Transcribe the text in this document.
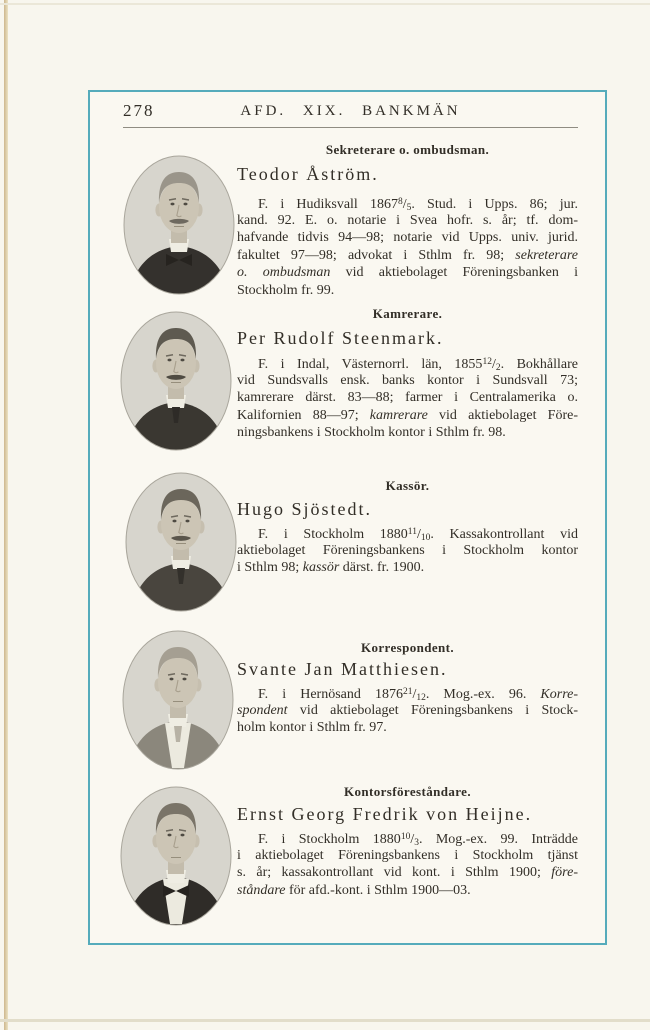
278	AFD. XIX. BANKMÄN
Sekreterare o. ombudsman.
Teodor Åström.
F. i Hudiksvall $1867^8/_5$. Stud. i Upps. 86; jur.
kand. 92. E. o. notarie i Svea hofr. s. år; tf. dom-
hafvande tidvis 94—98; notarie vid Upps. univ. jurid.
fakultet 97—98; advokat i Sthlm fr. 98; sekreterare
o. ombudsman vid aktiebolaget Föreningsbanken i
Stockholm fr. 99.
Kamrerare.
Per Rudolf Steenmark.
F. i Indal, Västernorrl. län, $1855^{12}/_2$. Bokhållare
vid Sundsvalls ensk. banks kontor i Sundsvall 73;
kamrerare därst. 83—88; farmer i Centralamerika o.
Kalifornien 88—97; kamrerare vid aktiebolaget Före-
ningsbankens i Stockholm kontor i Sthlm fr. 98.
Kassör.
Hugo Sjöstedt.
F. i Stockholm $1880^{11}/_{10}$. Kassakontrollant vid
aktiebolaget Föreningsbankens i Stockholm kontor
i Sthlm 98; kassör därst. fr. 1900.
Korrespondent.
Svante Jan Matthiesen.
F. i Hernösand $1876^{21}/_{12}$. Mog.-ex. 96. Korre-
spondent vid aktiebolaget Föreningsbankens i Stock-
holm kontor i Sthlm fr. 97.
Kontorsföreståndare.
Ernst Georg Fredrik von Heijne.
F. i Stockholm $1880^{10}/_3$. Mog.-ex. 99. Inträdde
i aktiebolaget Föreningsbankens i Stockholm tjänst
s. år; kassakontrollant vid kont. i Sthlm 1900; före-
ståndare för afd.-kont. i Sthlm 1900—03.
